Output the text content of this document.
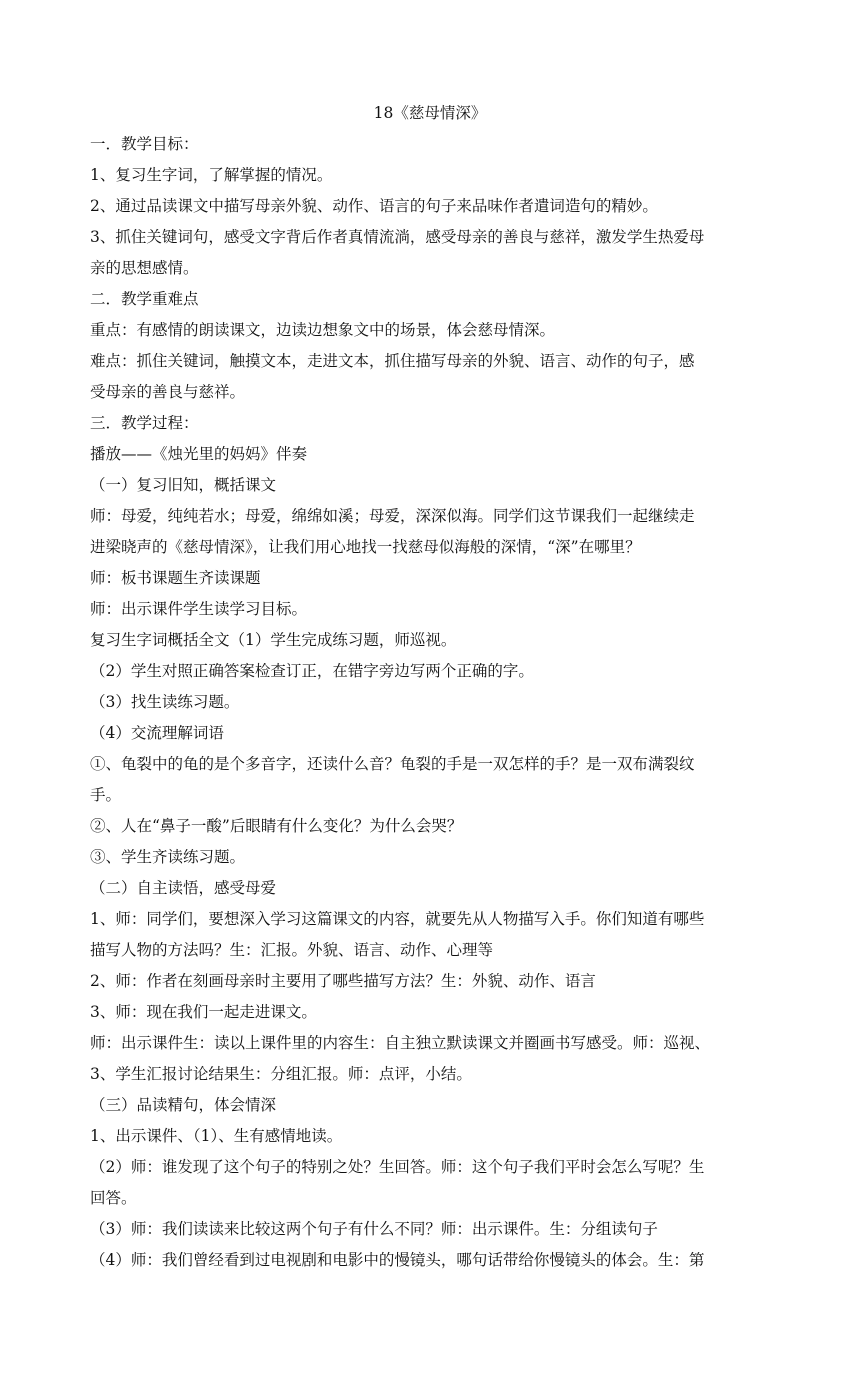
18《慈母情深》

一．教学目标：

1、复习生字词，了解掌握的情况。

2、通过品读课文中描写母亲外貌、动作、语言的句子来品味作者遣词造句的精妙。

3、抓住关键词句，感受文字背后作者真情流淌，感受母亲的善良与慈祥，激发学生热爱母

亲的思想感情。

二．教学重难点

重点：有感情的朗读课文，边读边想象文中的场景，体会慈母情深。

难点：抓住关键词，触摸文本，走进文本，抓住描写母亲的外貌、语言、动作的句子，感

受母亲的善良与慈祥。

三．教学过程：

播放——《烛光里的妈妈》伴奏

（一）复习旧知，概括课文

师：母爱，纯纯若水；母爱，绵绵如溪；母爱，深深似海。同学们这节课我们一起继续走

进梁晓声的《慈母情深》，让我们用心地找一找慈母似海般的深情，“深”在哪里？

师：板书课题生齐读课题

师：出示课件学生读学习目标。

复习生字词概括全文（1）学生完成练习题，师巡视。

（2）学生对照正确答案检查订正，在错字旁边写两个正确的字。

（3）找生读练习题。

（4）交流理解词语

①、龟裂中的龟的是个多音字，还读什么音？龟裂的手是一双怎样的手？是一双布满裂纹

手。

②、人在“鼻子一酸”后眼睛有什么变化？为什么会哭？

③、学生齐读练习题。

（二）自主读悟，感受母爱

1、师：同学们，要想深入学习这篇课文的内容，就要先从人物描写入手。你们知道有哪些

描写人物的方法吗？生：汇报。外貌、语言、动作、心理等

2、师：作者在刻画母亲时主要用了哪些描写方法？生：外貌、动作、语言

3、师：现在我们一起走进课文。

师：出示课件生：读以上课件里的内容生：自主独立默读课文并圈画书写感受。师：巡视、

3、学生汇报讨论结果生：分组汇报。师：点评，小结。

（三）品读精句，体会情深

1、出示课件、（1）、生有感情地读。

（2）师：谁发现了这个句子的特别之处？生回答。师：这个句子我们平时会怎么写呢？生

回答。

（3）师：我们读读来比较这两个句子有什么不同？师：出示课件。生：分组读句子

（4）师：我们曾经看到过电视剧和电影中的慢镜头，哪句话带给你慢镜头的体会。生：第
